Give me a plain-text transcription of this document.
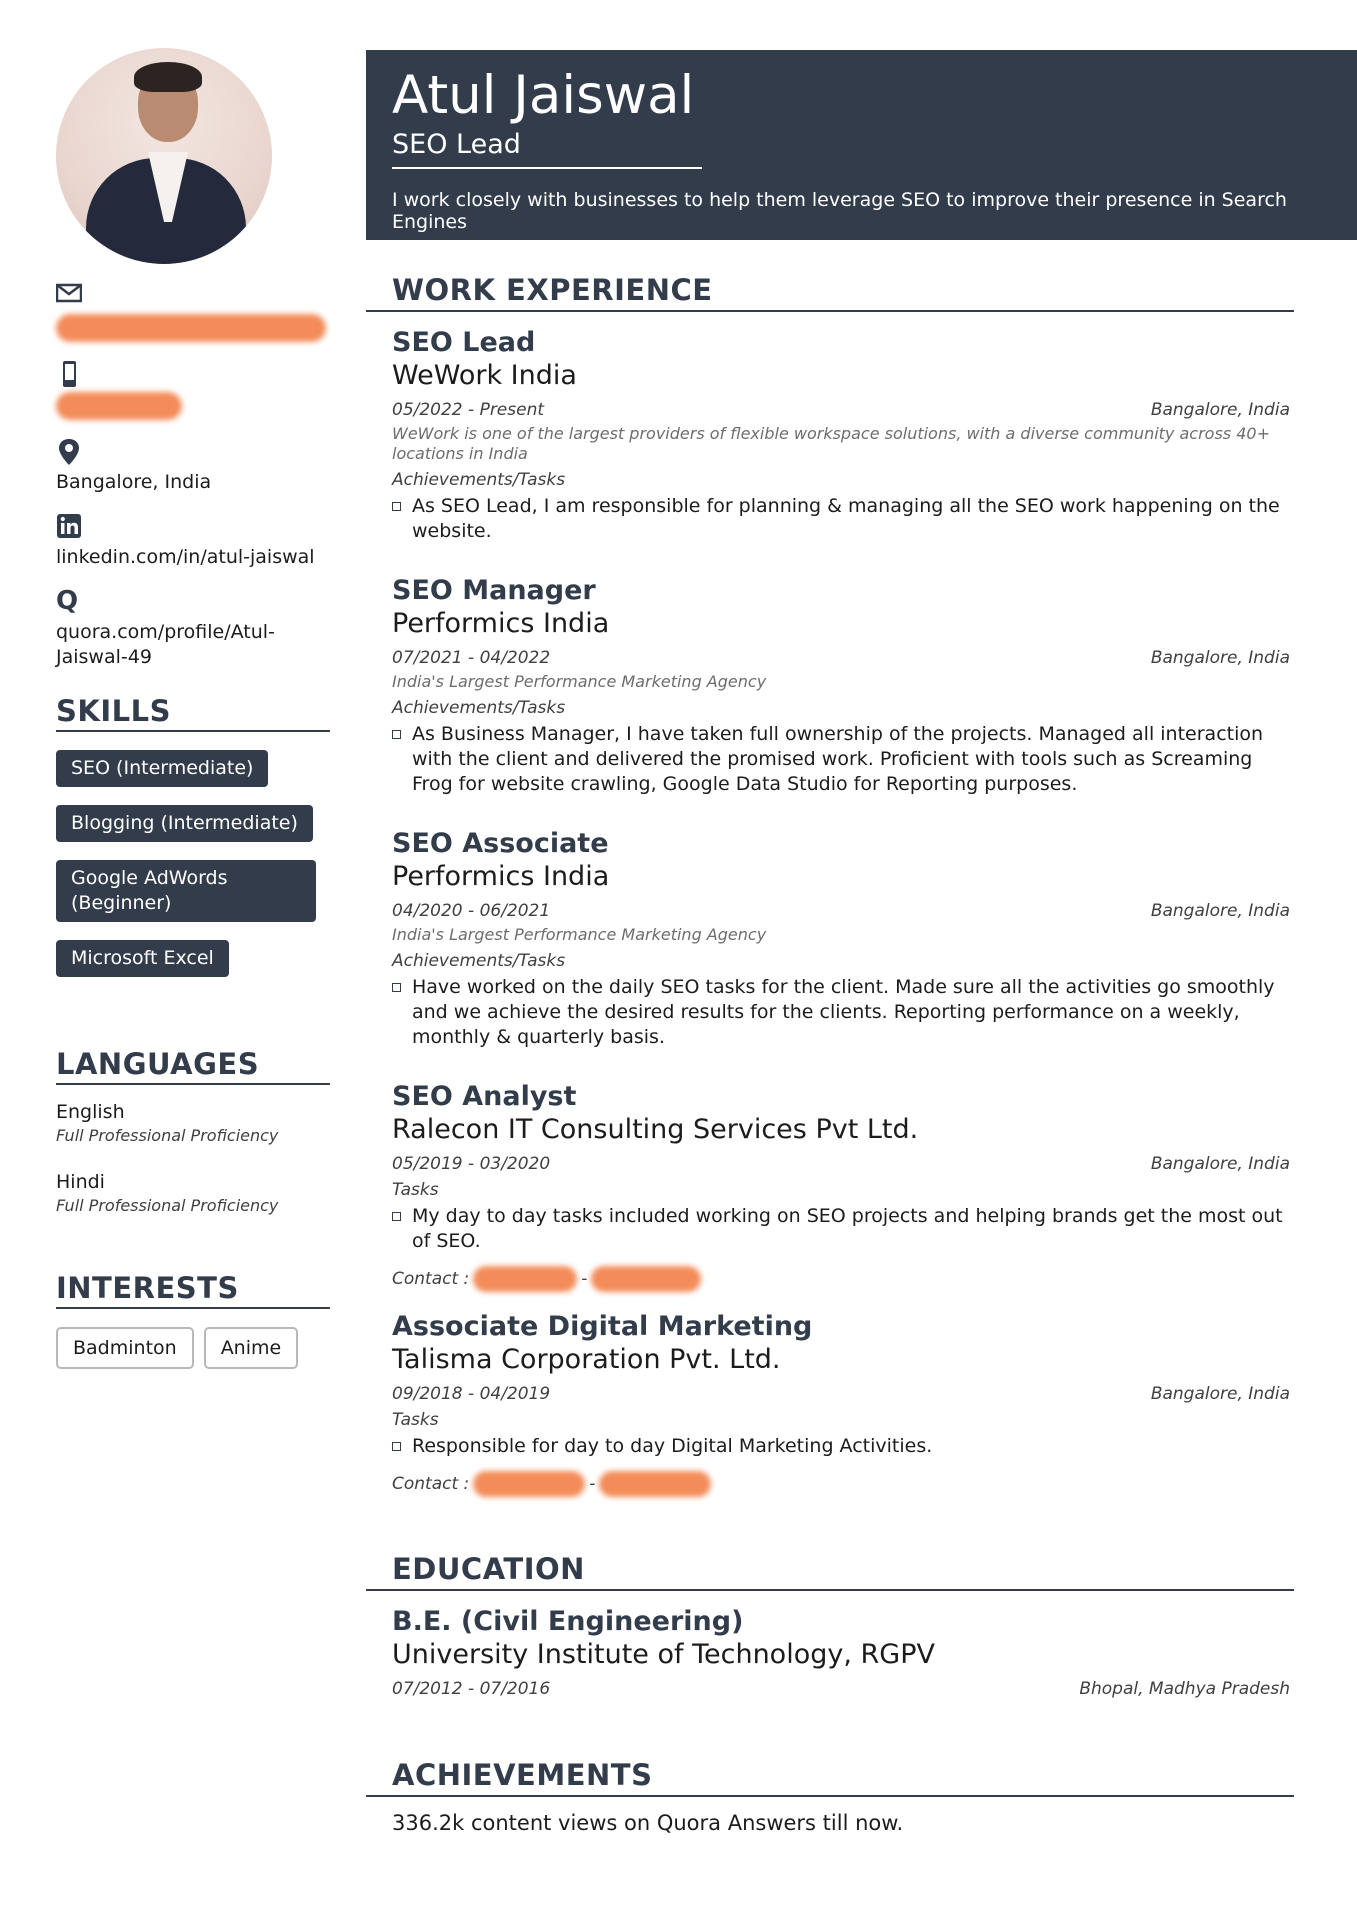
Bangalore, India
linkedin.com/in/atul-jaiswal
Q
quora.com/profile/Atul-
Jaiswal-49
SKILLS
SEO (Intermediate)
Blogging (Intermediate)
Google AdWords
(Beginner)
Microsoft Excel
LANGUAGES
English
Full Professional Proficiency
Hindi
Full Professional Proficiency
INTERESTS
Badminton Anime
Atul Jaiswal
SEO Lead
I work closely with businesses to help them leverage SEO to improve their presence in Search Engines
WORK EXPERIENCE
SEO Lead
WeWork India
05/2022 - Present	Bangalore, India
WeWork is one of the largest providers of flexible workspace solutions, with a diverse community across 40+ locations in India
Achievements/Tasks
As SEO Lead, I am responsible for planning & managing all the SEO work happening on the website.
SEO Manager
Performics India
07/2021 - 04/2022	Bangalore, India
India's Largest Performance Marketing Agency
Achievements/Tasks
As Business Manager, I have taken full ownership of the projects. Managed all interaction with the client and delivered the promised work. Proficient with tools such as Screaming Frog for website crawling, Google Data Studio for Reporting purposes.
SEO Associate
Performics India
04/2020 - 06/2021	Bangalore, India
India's Largest Performance Marketing Agency
Achievements/Tasks
Have worked on the daily SEO tasks for the client. Made sure all the activities go smoothly and we achieve the desired results for the clients. Reporting performance on a weekly, monthly & quarterly basis.
SEO Analyst
Ralecon IT Consulting Services Pvt Ltd.
05/2019 - 03/2020	Bangalore, India
Tasks
My day to day tasks included working on SEO projects and helping brands get the most out of SEO.
Contact :	-
Associate Digital Marketing
Talisma Corporation Pvt. Ltd.
09/2018 - 04/2019	Bangalore, India
Tasks
Responsible for day to day Digital Marketing Activities.
Contact :	-
EDUCATION
B.E. (Civil Engineering)
University Institute of Technology, RGPV
07/2012 - 07/2016	Bhopal, Madhya Pradesh
ACHIEVEMENTS
336.2k content views on Quora Answers till now.
